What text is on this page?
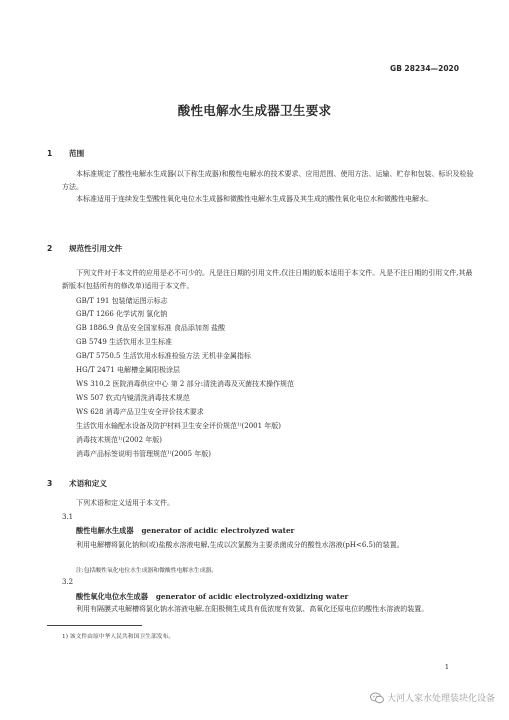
GB 28234—2020
酸性电解水生成器卫生要求
1 范围
本标准规定了酸性电解水生成器(以下称生成器)和酸性电解水的技术要求、应用范围、使用方法、运输、贮存和包装、标识及检验方法。
本标准适用于连续发生型酸性氧化电位水生成器和微酸性电解水生成器及其生成的酸性氧化电位水和微酸性电解水。
2 规范性引用文件
下列文件对于本文件的应用是必不可少的。凡是注日期的引用文件,仅注日期的版本适用于本文件。凡是不注日期的引用文件,其最新版本(包括所有的修改单)适用于本文件。
GB/T 191 包装储运图示标志
GB/T 1266 化学试剂 氯化钠
GB 1886.9 食品安全国家标准 食品添加剂 盐酸
GB 5749 生活饮用水卫生标准
GB/T 5750.5 生活饮用水标准检验方法 无机非金属指标
HG/T 2471 电解槽金属阳极涂层
WS 310.2 医院消毒供应中心 第 2 部分:清洗消毒及灭菌技术操作规范
WS 507 软式内镜清洗消毒技术规范
WS 628 消毒产品卫生安全评价技术要求
生活饮用水输配水设备及防护材料卫生安全评价规范¹⁾(2001 年版)
消毒技术规范¹⁾(2002 年版)
消毒产品标签说明书管理规范¹⁾(2005 年版)
3 术语和定义
下列术语和定义适用于本文件。
3.1
酸性电解水生成器 generator of acidic electrolyzed water
利用电解槽将氯化钠和(或)盐酸水溶液电解,生成以次氯酸为主要杀菌成分的酸性水溶液(pH<6.5)的装置。
注:包括酸性氧化电位水生成器和微酸性电解水生成器。
3.2
酸性氧化电位水生成器 generator of acidic electrolyzed-oxidizing water
利用有隔膜式电解槽将氯化钠水溶液电解,在阳极侧生成具有低浓度有效氯、高氧化还原电位的酸性水溶液的装置。
1) 该文件由原中华人民共和国卫生部发布。
1
大河人家水处理装块化设备
